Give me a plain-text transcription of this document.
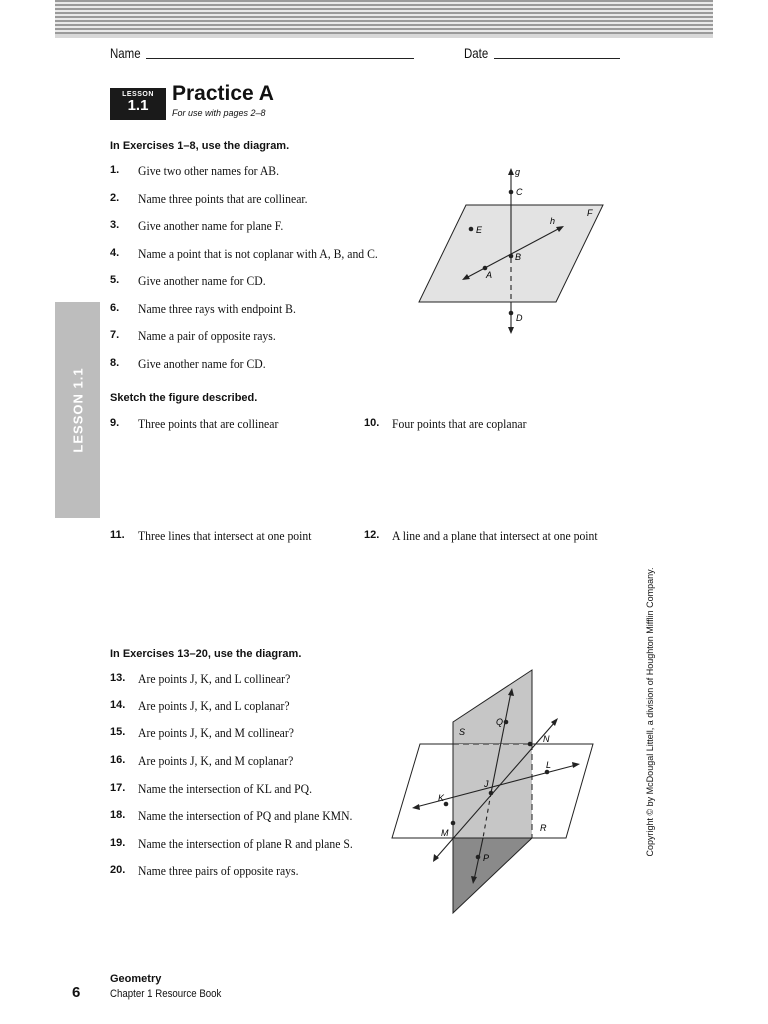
LESSON 1.1
Name	Date
LESSON
1.1
Practice A
For use with pages 2–8
In Exercises 1–8, use the diagram.
1. Give two other names for AB.
2. Name three points that are collinear.
3. Give another name for plane F.
4. Name a point that is not coplanar with A, B, and C.
5. Give another name for CD.
6. Name three rays with endpoint B.
7. Name a pair of opposite rays.
8. Give another name for CD.
Sketch the figure described.
9. Three points that are collinear	10. Four points that are coplanar
11. Three lines that intersect at one point	12. A line and a plane that intersect at one point
In Exercises 13–20, use the diagram.
13. Are points J, K, and L collinear?
14. Are points J, K, and L coplanar?
15. Are points J, K, and M collinear?
16. Are points J, K, and M coplanar?
17. Name the intersection of KL and PQ.
18. Name the intersection of PQ and plane KMN.
19. Name the intersection of plane R and plane S.
20. Name three pairs of opposite rays.
g
C
F
h
E
B
A
D
S
Q
N
J
L
K
M	R
P
Copyright © by McDougal Littell, a division of Houghton Mifflin Company.
6
Geometry
Chapter 1 Resource Book
